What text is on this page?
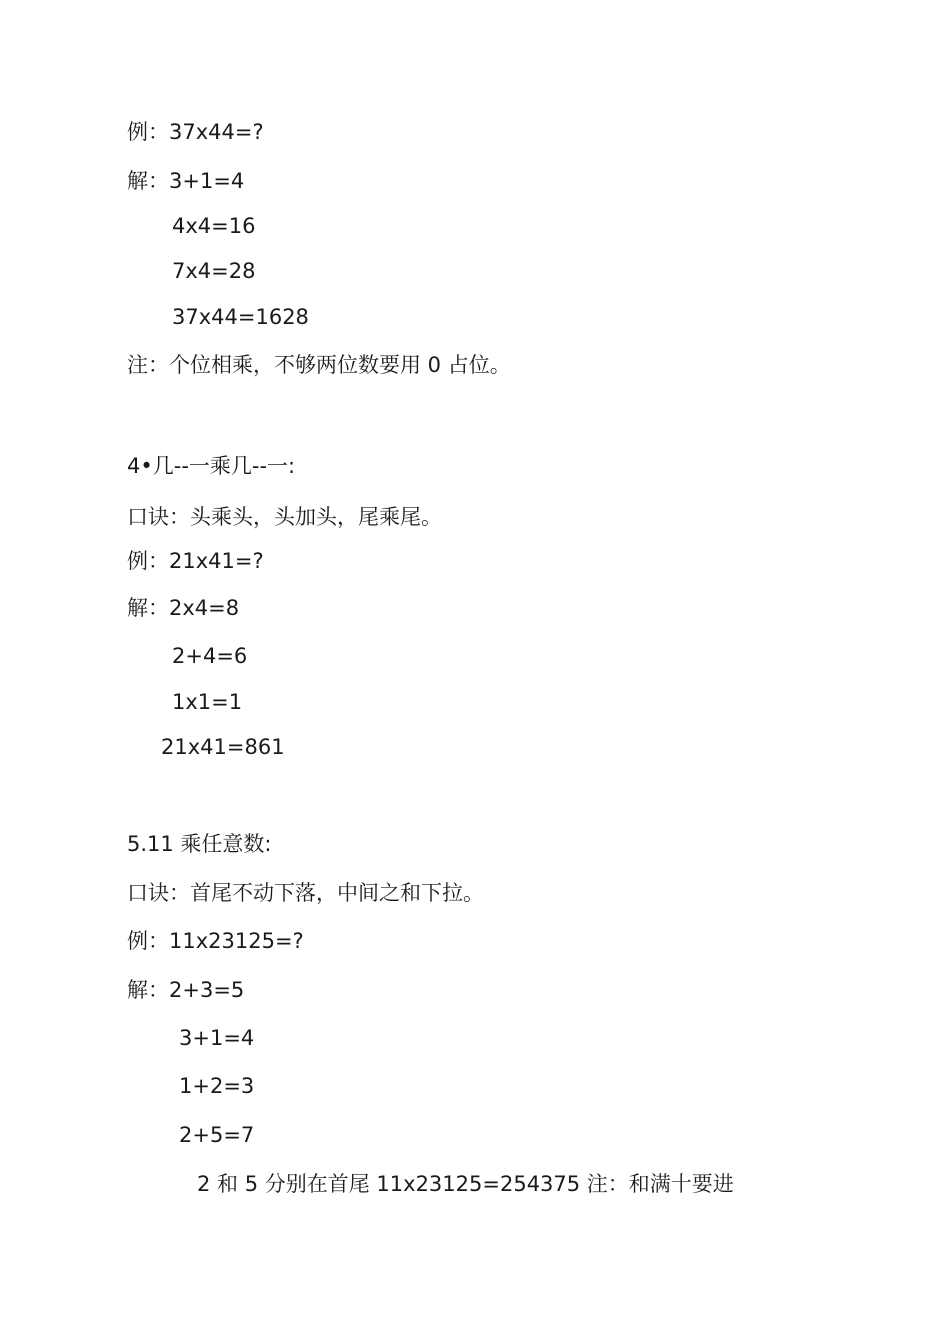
例：37x44=?
解：3+1=4
4x4=16
7x4=28
37x44=1628
注：个位相乘，不够两位数要用 0 占位。
4•几--一乘几--一:
口诀：头乘头，头加头，尾乘尾。
例：21x41=?
解：2x4=8
2+4=6
1x1=1
21x41=861
5.11 乘任意数:
口诀：首尾不动下落，中间之和下拉。
例：11x23125=?
解：2+3=5
3+1=4
1+2=3
2+5=7
2 和 5 分别在首尾 11x23125=254375 注：和满十要进
